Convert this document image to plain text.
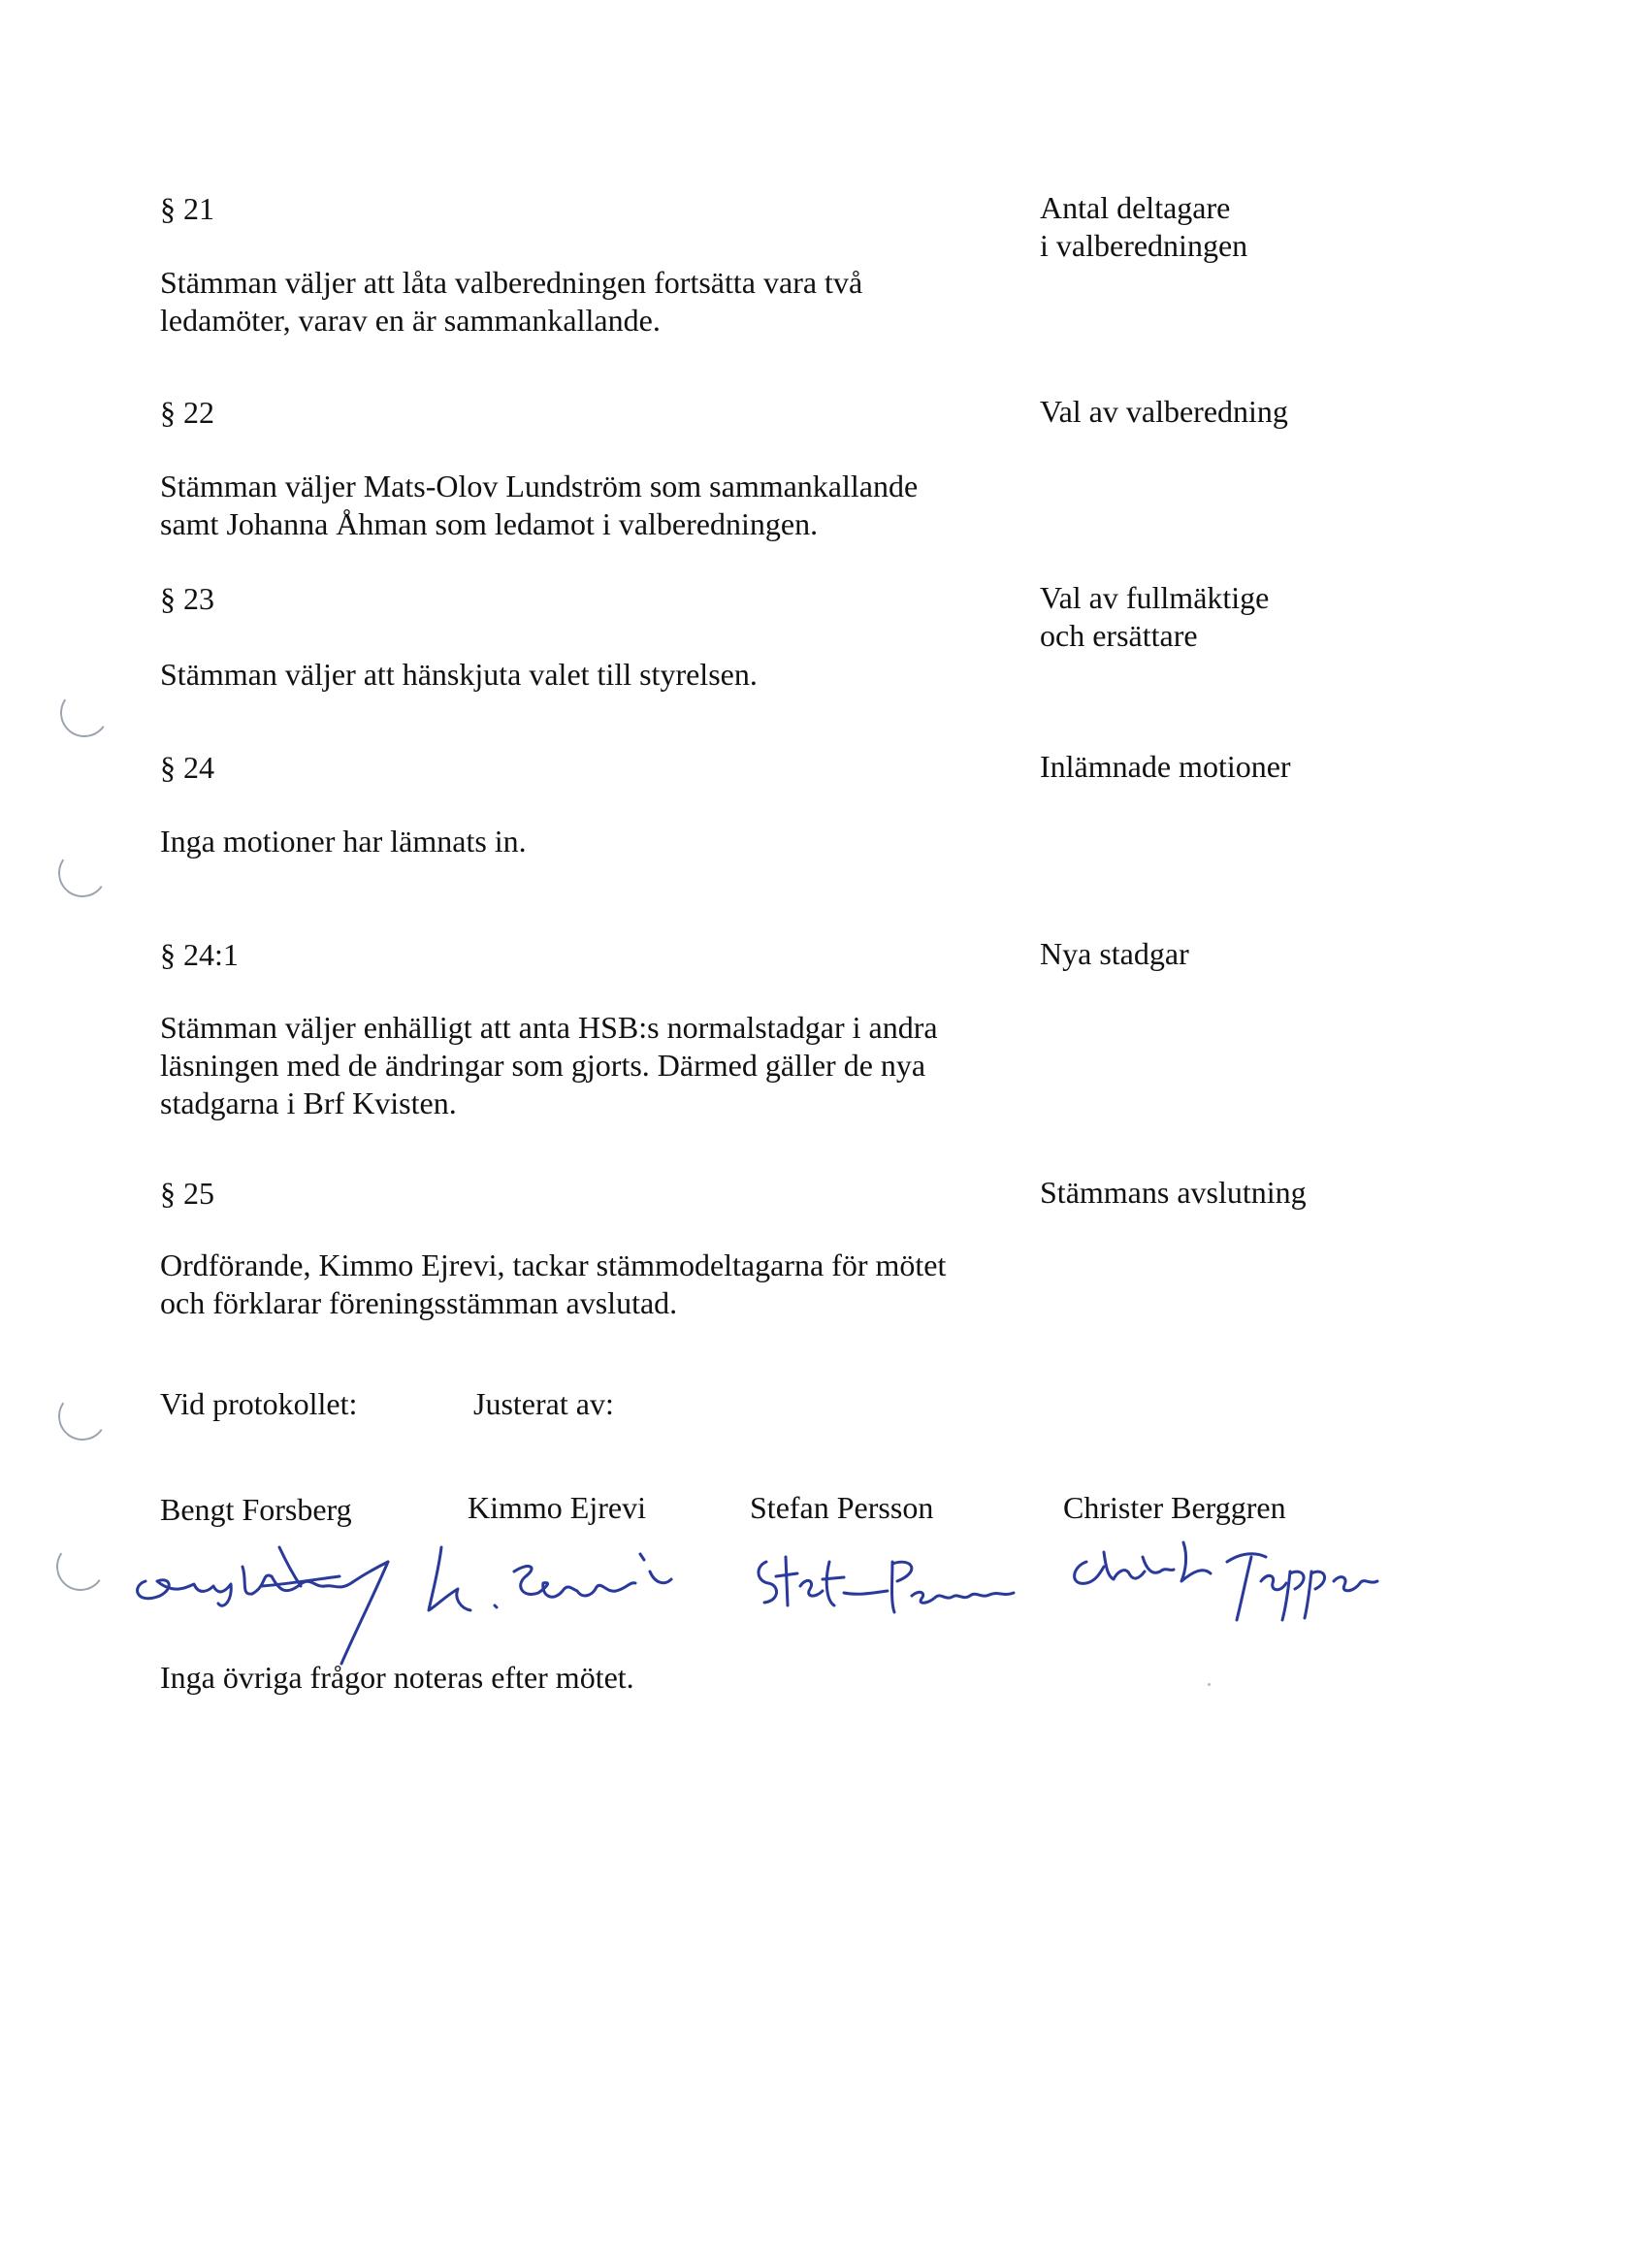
§ 21	Antal deltagare
i valberedningen
Stämman väljer att låta valberedningen fortsätta vara två
ledamöter, varav en är sammankallande.
§ 22	Val av valberedning
Stämman väljer Mats-Olov Lundström som sammankallande
samt Johanna Åhman som ledamot i valberedningen.
§ 23	Val av fullmäktige
och ersättare
Stämman väljer att hänskjuta valet till styrelsen.
§ 24	Inlämnade motioner
Inga motioner har lämnats in.
§ 24:1	Nya stadgar
Stämman väljer enhälligt att anta HSB:s normalstadgar i andra
läsningen med de ändringar som gjorts. Därmed gäller de nya
stadgarna i Brf Kvisten.
§ 25	Stämmans avslutning
Ordförande, Kimmo Ejrevi, tackar stämmodeltagarna för mötet
och förklarar föreningsstämman avslutad.
Vid protokollet:	Justerat av:
Bengt Forsberg	Kimmo Ejrevi	Stefan Persson	Christer Berggren
Inga övriga frågor noteras efter mötet.
